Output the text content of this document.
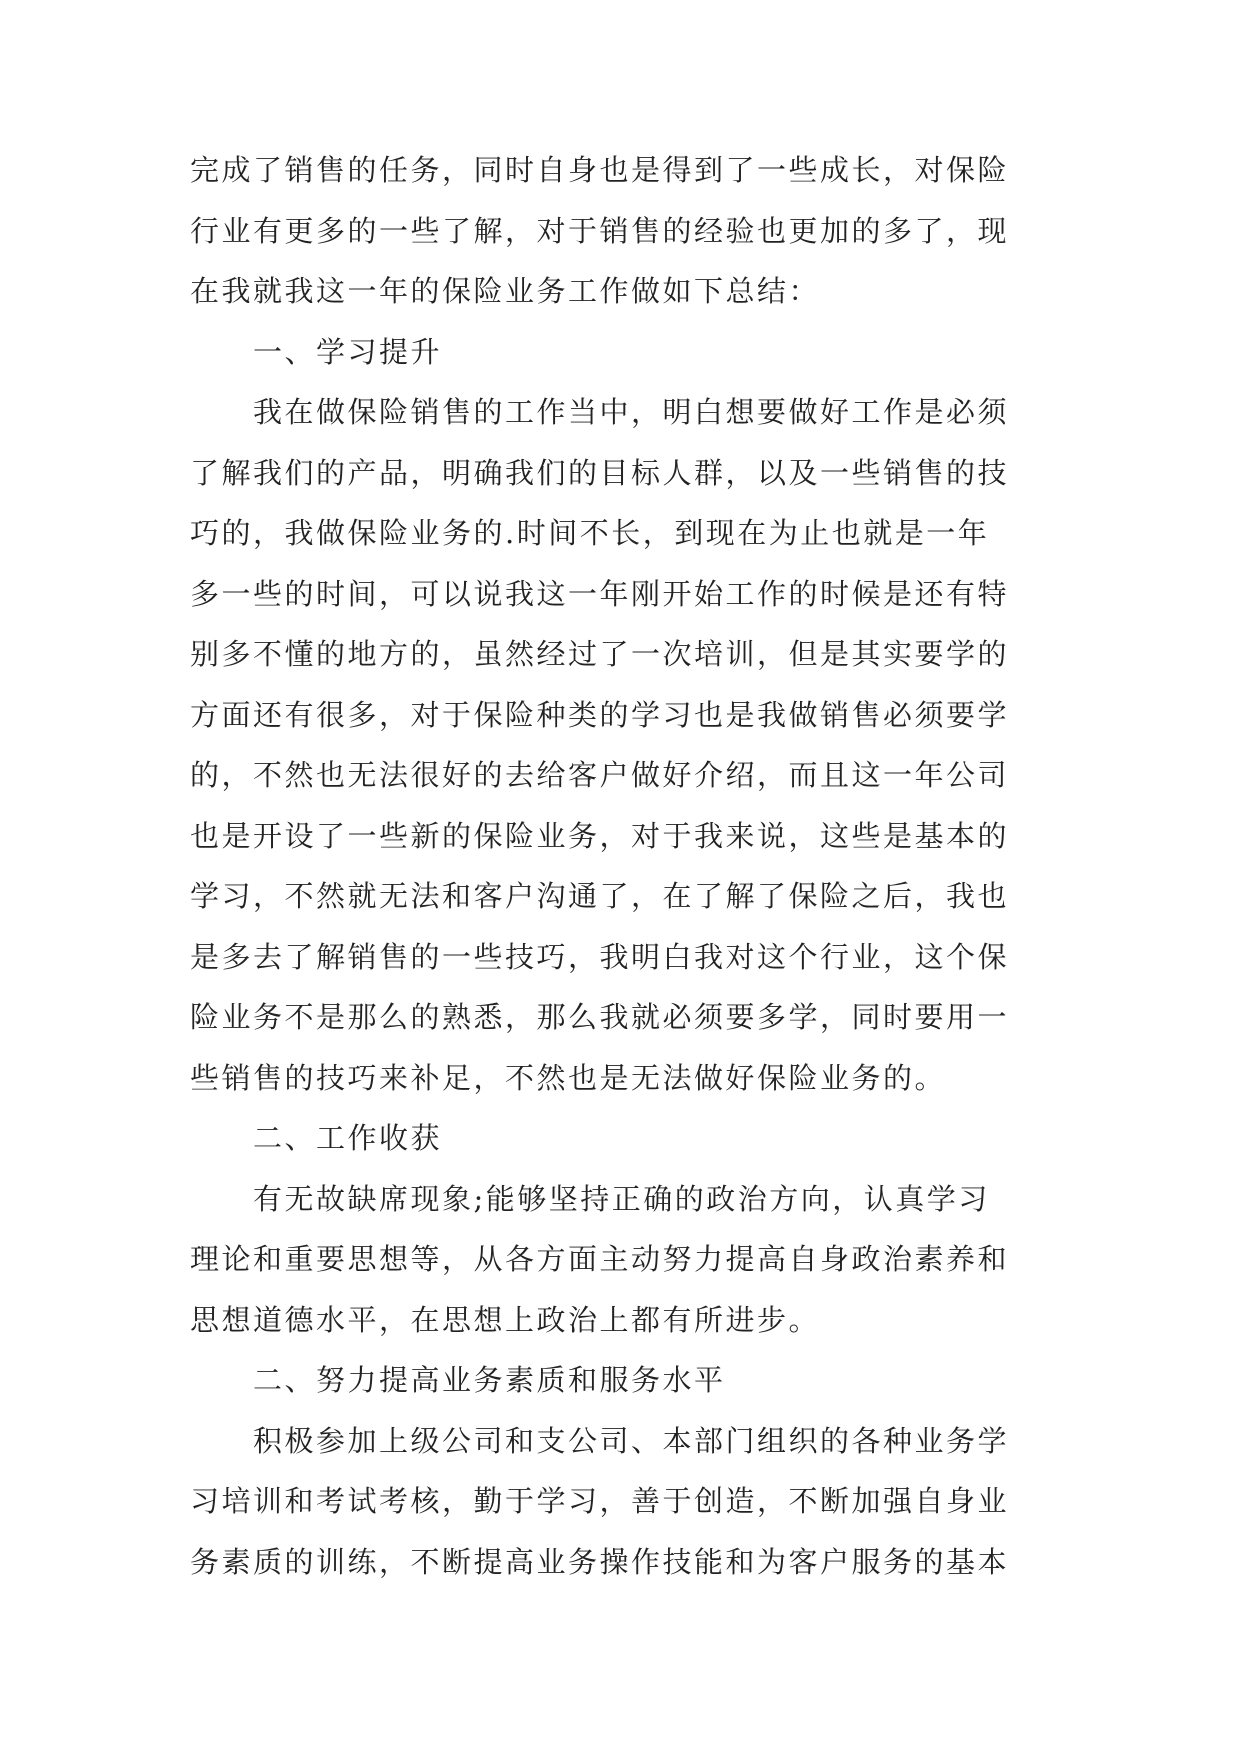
完成了销售的任务，同时自身也是得到了一些成长，对保险
行业有更多的一些了解，对于销售的经验也更加的多了，现
在我就我这一年的保险业务工作做如下总结：
一、学习提升
我在做保险销售的工作当中，明白想要做好工作是必须
了解我们的产品，明确我们的目标人群，以及一些销售的技
巧的，我做保险业务的.时间不长，到现在为止也就是一年
多一些的时间，可以说我这一年刚开始工作的时候是还有特
别多不懂的地方的，虽然经过了一次培训，但是其实要学的
方面还有很多，对于保险种类的学习也是我做销售必须要学
的，不然也无法很好的去给客户做好介绍，而且这一年公司
也是开设了一些新的保险业务，对于我来说，这些是基本的
学习，不然就无法和客户沟通了，在了解了保险之后，我也
是多去了解销售的一些技巧，我明白我对这个行业，这个保
险业务不是那么的熟悉，那么我就必须要多学，同时要用一
些销售的技巧来补足，不然也是无法做好保险业务的。
二、工作收获
有无故缺席现象;能够坚持正确的政治方向，认真学习
理论和重要思想等，从各方面主动努力提高自身政治素养和
思想道德水平，在思想上政治上都有所进步。
二、努力提高业务素质和服务水平
积极参加上级公司和支公司、本部门组织的各种业务学
习培训和考试考核，勤于学习，善于创造，不断加强自身业
务素质的训练，不断提高业务操作技能和为客户服务的基本
